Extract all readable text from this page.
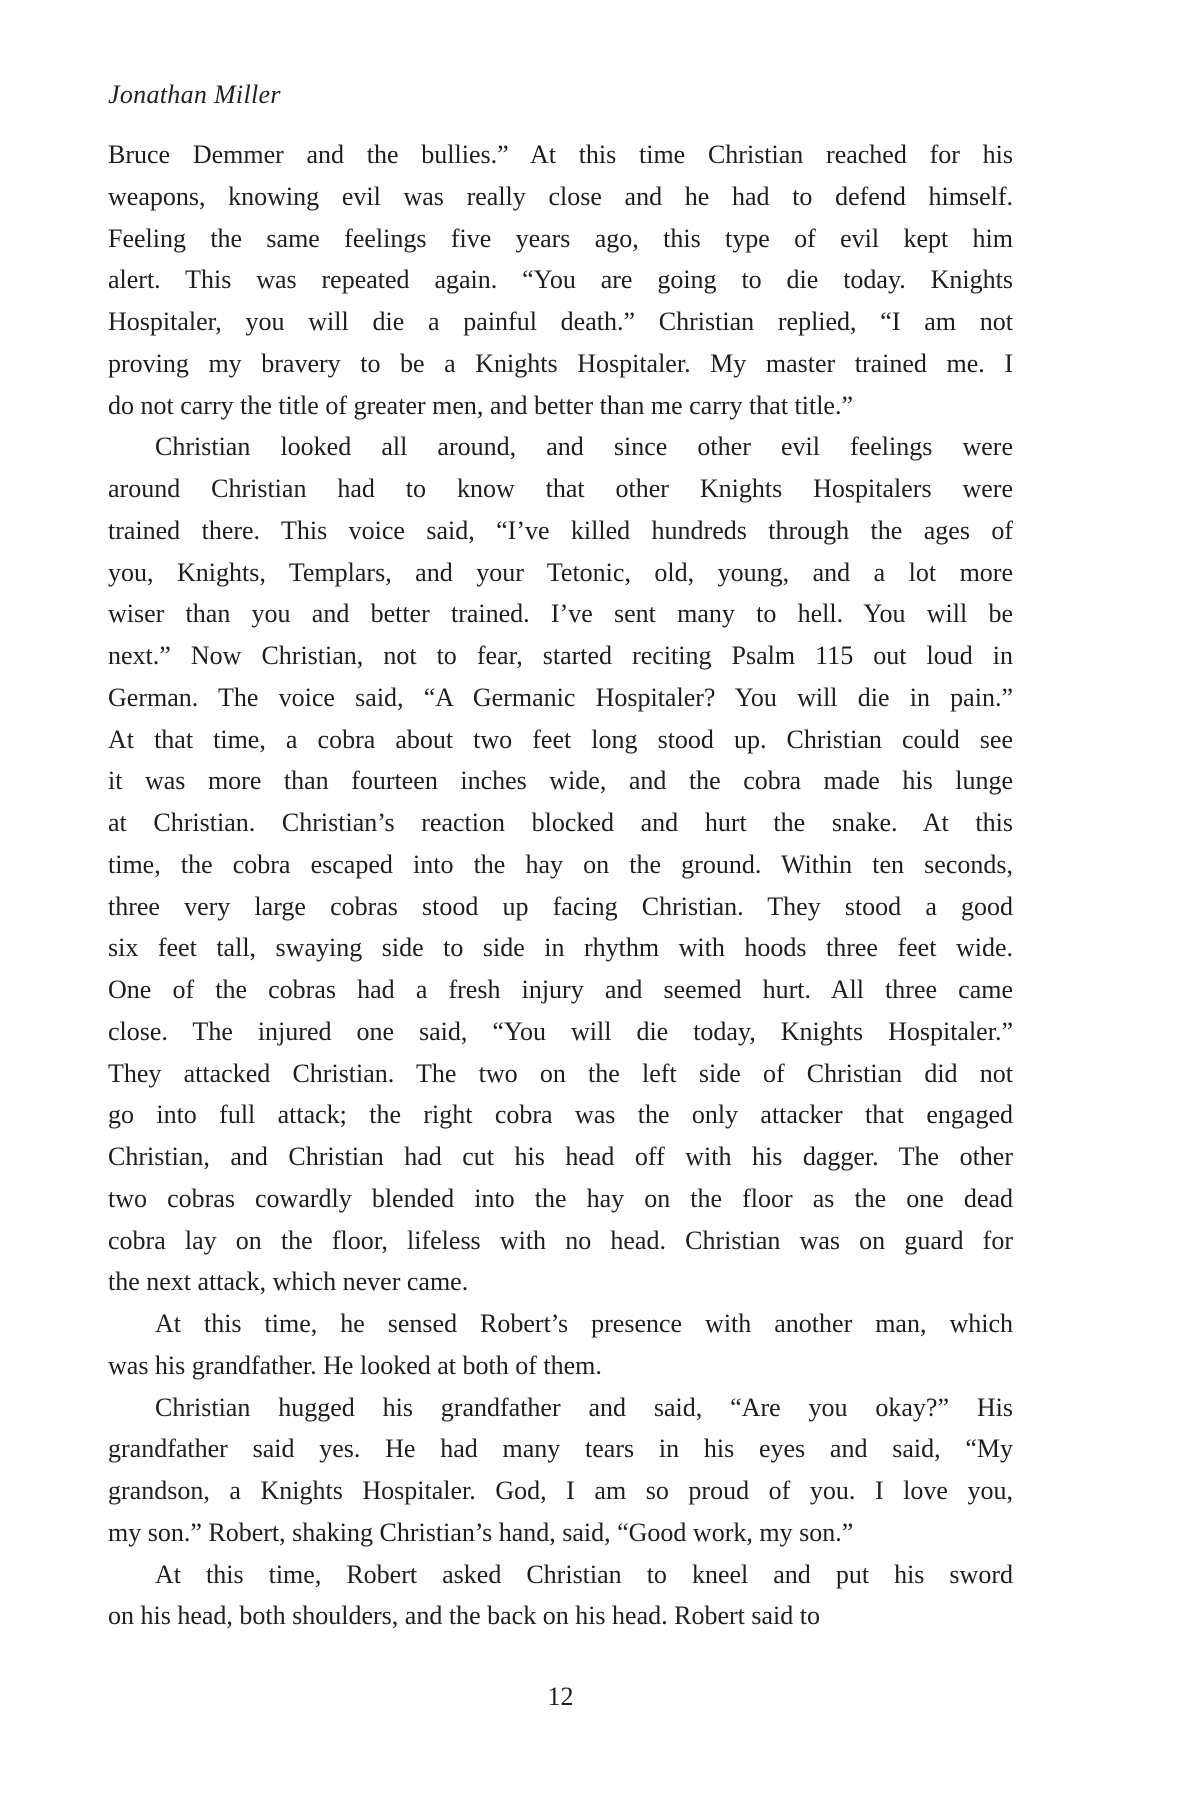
Jonathan Miller
Bruce Demmer and the bullies.” At this time Christian reached for his
weapons, knowing evil was really close and he had to defend himself.
Feeling the same feelings five years ago, this type of evil kept him
alert. This was repeated again. “You are going to die today. Knights
Hospitaler, you will die a painful death.” Christian replied, “I am not
proving my bravery to be a Knights Hospitaler. My master trained me. I
do not carry the title of greater men, and better than me carry that title.”
Christian looked all around, and since other evil feelings were
around Christian had to know that other Knights Hospitalers were
trained there. This voice said, “I’ve killed hundreds through the ages of
you, Knights, Templars, and your Tetonic, old, young, and a lot more
wiser than you and better trained. I’ve sent many to hell. You will be
next.” Now Christian, not to fear, started reciting Psalm 115 out loud in
German. The voice said, “A Germanic Hospitaler? You will die in pain.”
At that time, a cobra about two feet long stood up. Christian could see
it was more than fourteen inches wide, and the cobra made his lunge
at Christian. Christian’s reaction blocked and hurt the snake. At this
time, the cobra escaped into the hay on the ground. Within ten seconds,
three very large cobras stood up facing Christian. They stood a good
six feet tall, swaying side to side in rhythm with hoods three feet wide.
One of the cobras had a fresh injury and seemed hurt. All three came
close. The injured one said, “You will die today, Knights Hospitaler.”
They attacked Christian. The two on the left side of Christian did not
go into full attack; the right cobra was the only attacker that engaged
Christian, and Christian had cut his head off with his dagger. The other
two cobras cowardly blended into the hay on the floor as the one dead
cobra lay on the floor, lifeless with no head. Christian was on guard for
the next attack, which never came.
At this time, he sensed Robert’s presence with another man, which
was his grandfather. He looked at both of them.
Christian hugged his grandfather and said, “Are you okay?” His
grandfather said yes. He had many tears in his eyes and said, “My
grandson, a Knights Hospitaler. God, I am so proud of you. I love you,
my son.” Robert, shaking Christian’s hand, said, “Good work, my son.”
At this time, Robert asked Christian to kneel and put his sword
on his head, both shoulders, and the back on his head. Robert said to
12
